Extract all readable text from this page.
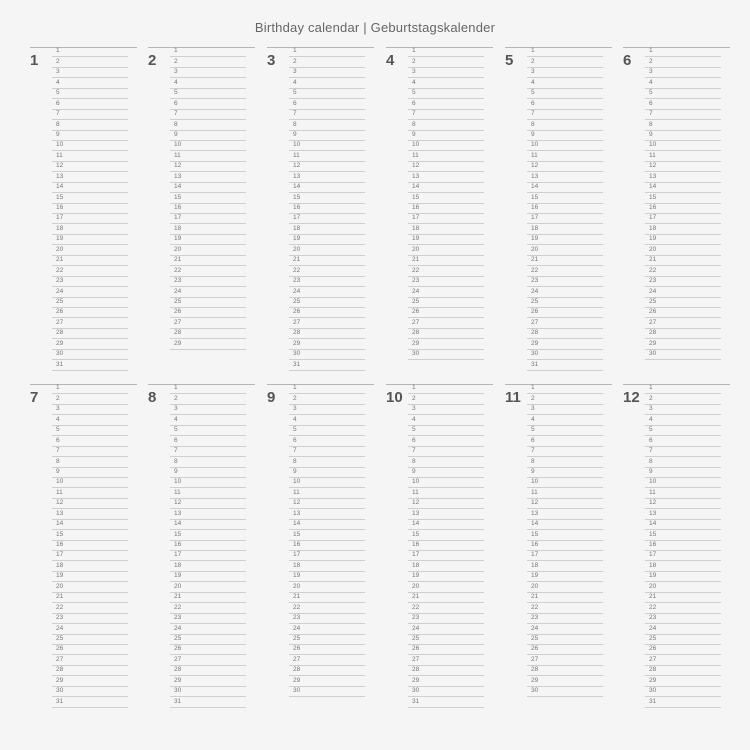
Birthday calendar | Geburtstagskalender
1
1
2
3
4
5
6
7
8
9
10
11
12
13
14
15
16
17
18
19
20
21
22
23
24
25
26
27
28
29
30
31
2
1
2
3
4
5
6
7
8
9
10
11
12
13
14
15
16
17
18
19
20
21
22
23
24
25
26
27
28
29
3
1
2
3
4
5
6
7
8
9
10
11
12
13
14
15
16
17
18
19
20
21
22
23
24
25
26
27
28
29
30
31
4
1
2
3
4
5
6
7
8
9
10
11
12
13
14
15
16
17
18
19
20
21
22
23
24
25
26
27
28
29
30
5
1
2
3
4
5
6
7
8
9
10
11
12
13
14
15
16
17
18
19
20
21
22
23
24
25
26
27
28
29
30
31
6
1
2
3
4
5
6
7
8
9
10
11
12
13
14
15
16
17
18
19
20
21
22
23
24
25
26
27
28
29
30
7
1
2
3
4
5
6
7
8
9
10
11
12
13
14
15
16
17
18
19
20
21
22
23
24
25
26
27
28
29
30
31
8
1
2
3
4
5
6
7
8
9
10
11
12
13
14
15
16
17
18
19
20
21
22
23
24
25
26
27
28
29
30
31
9
1
2
3
4
5
6
7
8
9
10
11
12
13
14
15
16
17
18
19
20
21
22
23
24
25
26
27
28
29
30
10
1
2
3
4
5
6
7
8
9
10
11
12
13
14
15
16
17
18
19
20
21
22
23
24
25
26
27
28
29
30
31
11
1
2
3
4
5
6
7
8
9
10
11
12
13
14
15
16
17
18
19
20
21
22
23
24
25
26
27
28
29
30
12
1
2
3
4
5
6
7
8
9
10
11
12
13
14
15
16
17
18
19
20
21
22
23
24
25
26
27
28
29
30
31
